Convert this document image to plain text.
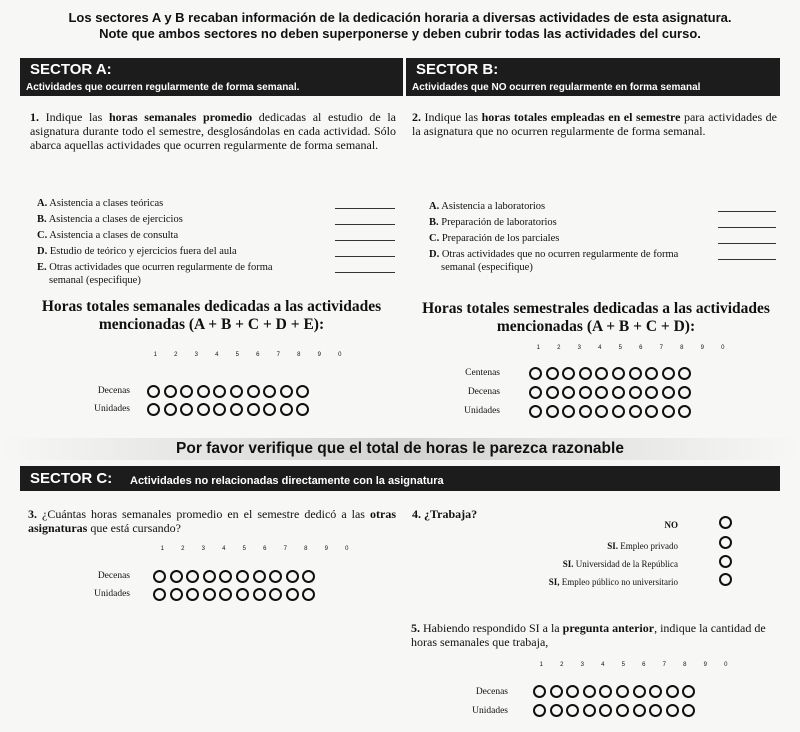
Los sectores A y B recaban información de la dedicación horaria a diversas actividades de esta asignatura.
Note que ambos sectores no deben superponerse y deben cubrir todas las actividades del curso.
SECTOR A:
Actividades que ocurren regularmente de forma semanal.
SECTOR B:
Actividades que NO ocurren regularmente en forma semanal
1. Indique las horas semanales promedio dedicadas al estudio de la asignatura durante todo el semestre, desglosándolas en cada actividad. Sólo abarca aquellas actividades que ocurren regularmente de forma semanal.
2. Indique las horas totales empleadas en el semestre para actividades de la asignatura que no ocurren regularmente de forma semanal.
A. Asistencia a clases teóricas
B. Asistencia a clases de ejercicios
C. Asistencia a clases de consulta
D. Estudio de teórico y ejercicios fuera del aula
E. Otras actividades que ocurren regularmente de forma semanal (especifique)
A. Asistencia a laboratorios
B. Preparación de laboratorios
C. Preparación de los parciales
D. Otras actividades que no ocurren regularmente de forma semanal (especifique)
Horas totales semanales dedicadas a las actividades
mencionadas (A + B + C + D + E):
Horas totales semestrales dedicadas a las actividades
mencionadas (A + B + C + D):
1	2	3	4	5	6	7	8	9	0
Decenas
Unidades
1	2	3	4	5	6	7	8	9	0
Centenas
Decenas
Unidades
Por favor verifique que el total de horas le parezca razonable
SECTOR C: Actividades no relacionadas directamente con la asignatura
3. ¿Cuántas horas semanales promedio en el semestre dedicó a las otras asignaturas que está cursando?
1	2	3	4	5	6	7	8	9	0
Decenas
Unidades
4. ¿Trabaja?
NO
SI. Empleo privado
SI. Universidad de la República
SI, Empleo público no universitario
5. Habiendo respondido SI a la pregunta anterior, indique la cantidad de horas semanales que trabaja,
1	2	3	4	5	6	7	8	9	0
Decenas
Unidades
